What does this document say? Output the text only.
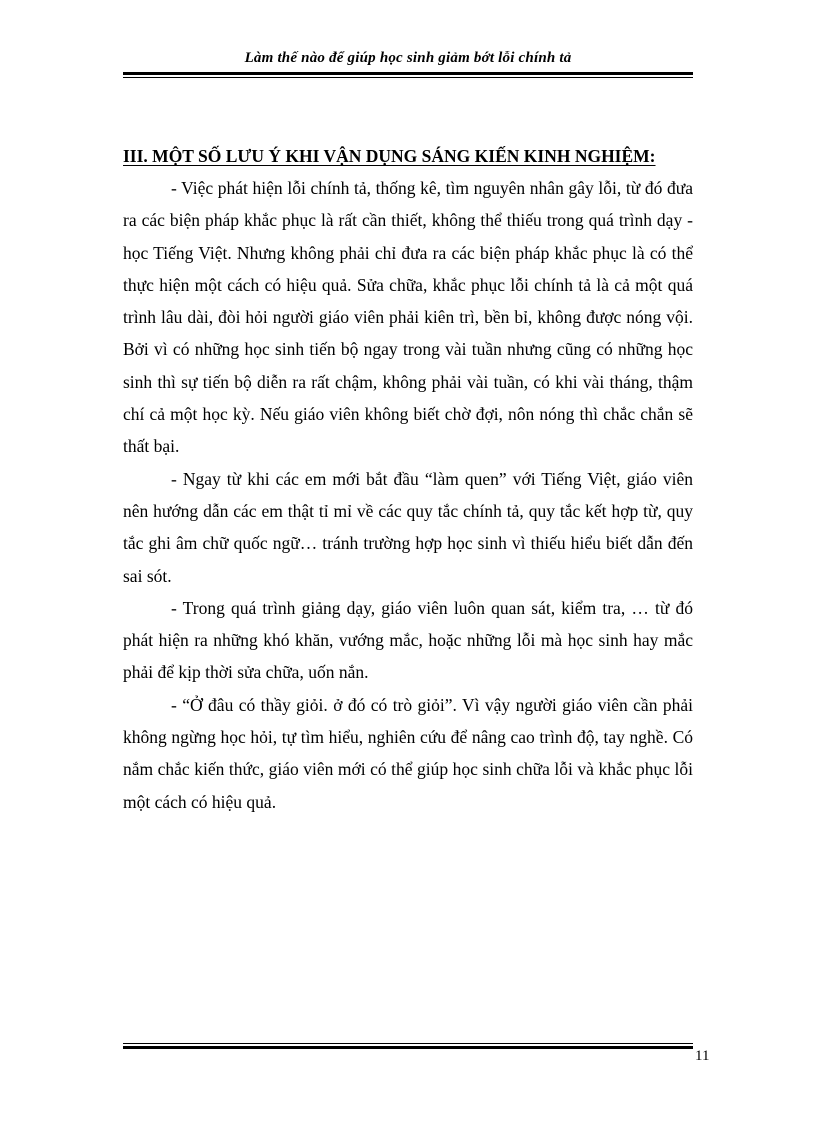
Làm thế nào để giúp học sinh giảm bớt lỗi chính tả
III. MỘT SỐ LƯU Ý KHI VẬN DỤNG SÁNG KIẾN KINH NGHIỆM:

- Việc phát hiện lỗi chính tả, thống kê, tìm nguyên nhân gây lỗi, từ đó đưa ra các biện pháp khắc phục là rất cần thiết, không thể thiếu trong quá trình dạy - học Tiếng Việt. Nhưng không phải chỉ đưa ra các biện pháp khắc phục là có thể thực hiện một cách có hiệu quả. Sửa chữa, khắc phục lỗi chính tả là cả một quá trình lâu dài, đòi hỏi người giáo viên phải kiên trì, bền bỉ, không được nóng vội. Bởi vì có những học sinh tiến bộ ngay trong vài tuần nhưng cũng có những học sinh thì sự tiến bộ diễn ra rất chậm, không phải vài tuần, có khi vài tháng, thậm chí cả một học kỳ. Nếu giáo viên không biết chờ đợi, nôn nóng thì chắc chắn sẽ thất bại.

- Ngay từ khi các em mới bắt đầu “làm quen” với Tiếng Việt, giáo viên nên hướng dẫn các em thật tỉ mỉ về các quy tắc chính tả, quy tắc kết hợp từ, quy tắc ghi âm chữ quốc ngữ… tránh trường hợp học sinh vì thiếu hiểu biết dẫn đến sai sót.

- Trong quá trình giảng dạy, giáo viên luôn quan sát, kiểm tra, … từ đó phát hiện ra những khó khăn, vướng mắc, hoặc những lỗi mà học sinh hay mắc phải để kịp thời sửa chữa, uốn nắn.

- “Ở đâu có thầy giỏi. ở đó có trò giỏi”. Vì vậy người giáo viên cần phải không ngừng học hỏi, tự tìm hiểu, nghiên cứu để nâng cao trình độ, tay nghề. Có nắm chắc kiến thức, giáo viên mới có thể giúp học sinh chữa lỗi và khắc phục lỗi một cách có hiệu quả.

11
